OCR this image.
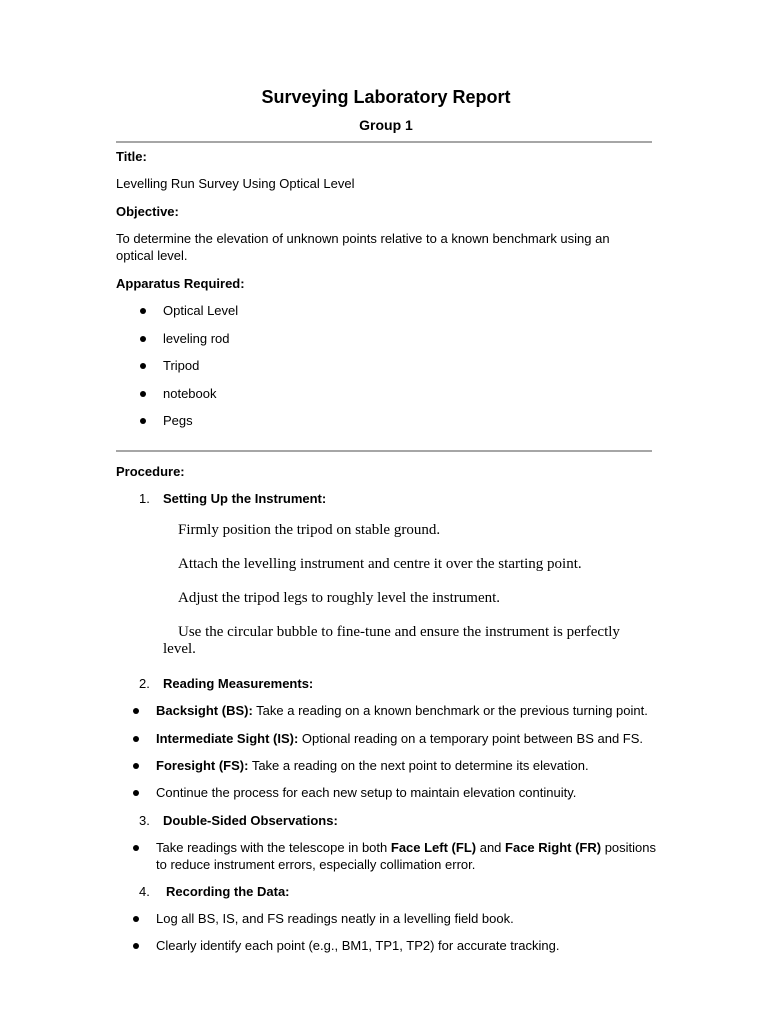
Surveying Laboratory Report
Group 1
Title:
Levelling Run Survey Using Optical Level
Objective:
To determine the elevation of unknown points relative to a known benchmark using an optical level.
Apparatus Required:
Optical Level
leveling rod
Tripod
notebook
Pegs
Procedure:
1. Setting Up the Instrument:
Firmly position the tripod on stable ground.
Attach the levelling instrument and centre it over the starting point.
Adjust the tripod legs to roughly level the instrument.
Use the circular bubble to fine-tune and ensure the instrument is perfectly level.
2. Reading Measurements:
Backsight (BS): Take a reading on a known benchmark or the previous turning point.
Intermediate Sight (IS): Optional reading on a temporary point between BS and FS.
Foresight (FS): Take a reading on the next point to determine its elevation.
Continue the process for each new setup to maintain elevation continuity.
3. Double-Sided Observations:
Take readings with the telescope in both Face Left (FL) and Face Right (FR) positions to reduce instrument errors, especially collimation error.
4. Recording the Data:
Log all BS, IS, and FS readings neatly in a levelling field book.
Clearly identify each point (e.g., BM1, TP1, TP2) for accurate tracking.
